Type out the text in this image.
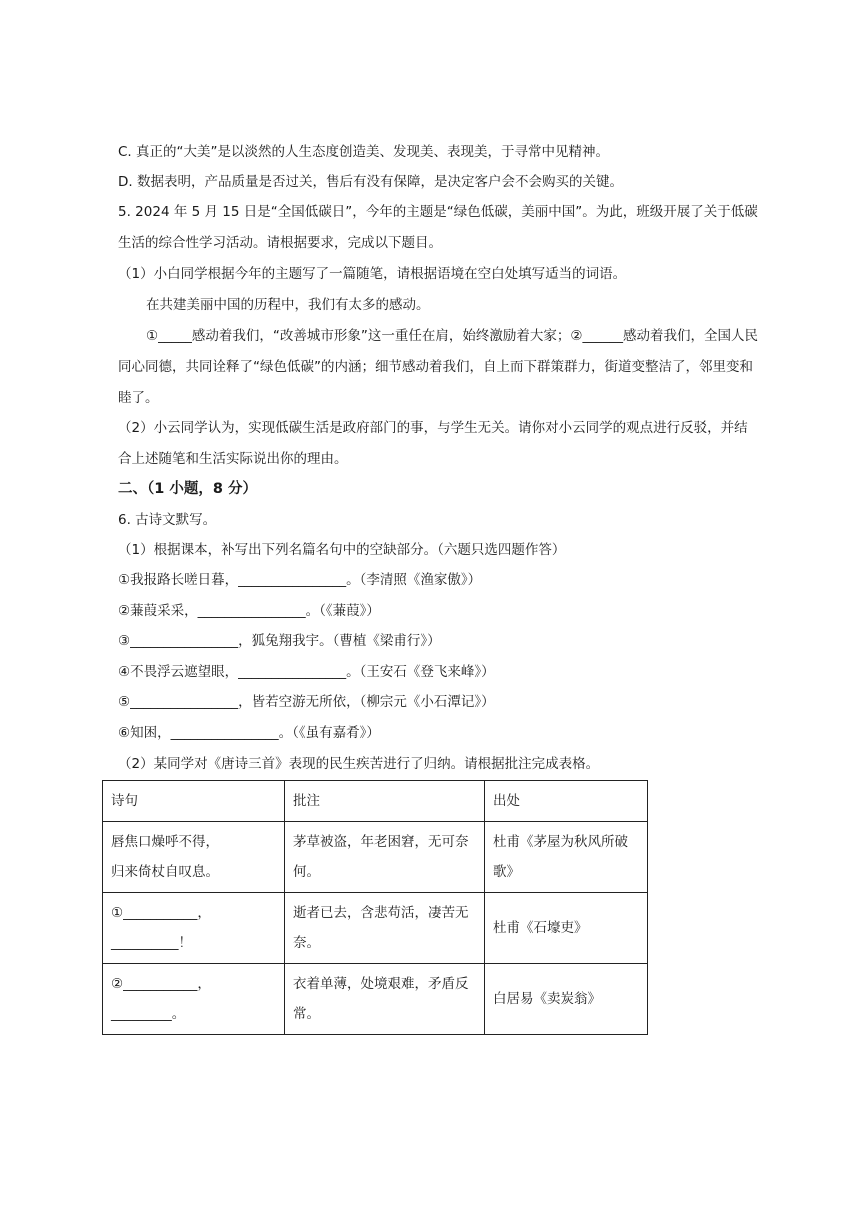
C. 真正的“大美”是以淡然的人生态度创造美、发现美、表现美，于寻常中见精神。
D. 数据表明，产品质量是否过关，售后有没有保障，是决定客户会不会购买的关键。
5. 2024 年 5 月 15 日是“全国低碳日”，今年的主题是“绿色低碳，美丽中国”。为此，班级开展了关于低碳
生活的综合性学习活动。请根据要求，完成以下题目。
（1）小白同学根据今年的主题写了一篇随笔，请根据语境在空白处填写适当的词语。
在共建美丽中国的历程中，我们有太多的感动。

①_____感动着我们，“改善城市形象”这一重任在肩，始终激励着大家；②______感动着我们，全国人民同心同德，共同诠释了“绿色低碳”的内涵；细节感动着我们，自上而下群策群力，街道变整洁了，邻里变和睦了。

（2）小云同学认为，实现低碳生活是政府部门的事，与学生无关。请你对小云同学的观点进行反驳，并结合上述随笔和生活实际说出你的理由。

二、（1 小题，8 分）
6. 古诗文默写。
（1）根据课本，补写出下列名篇名句中的空缺部分。（六题只选四题作答）
①我报路长嗟日暮，________________。（李清照《渔家傲》）
②蒹葭采采，________________。（《蒹葭》）
③________________，狐兔翔我宇。（曹植《梁甫行》）
④不畏浮云遮望眼，________________。（王安石《登飞来峰》）
⑤________________，皆若空游无所依，（柳宗元《小石潭记》）
⑥知困，________________。（《虽有嘉肴》）
（2）某同学对《唐诗三首》表现的民生疾苦进行了归纳。请根据批注完成表格。
诗句	批注	出处

唇焦口燥呼不得，
归来倚杖自叹息。	茅草被盗，年老困窘，无可奈
何。	杜甫《茅屋为秋风所破
歌》

①___________，
__________！	逝者已去，含悲苟活，凄苦无
奈。	杜甫《石壕吏》

②___________，_________。	衣着单薄，处境艰难，矛盾反
常。	白居易《卖炭翁》
